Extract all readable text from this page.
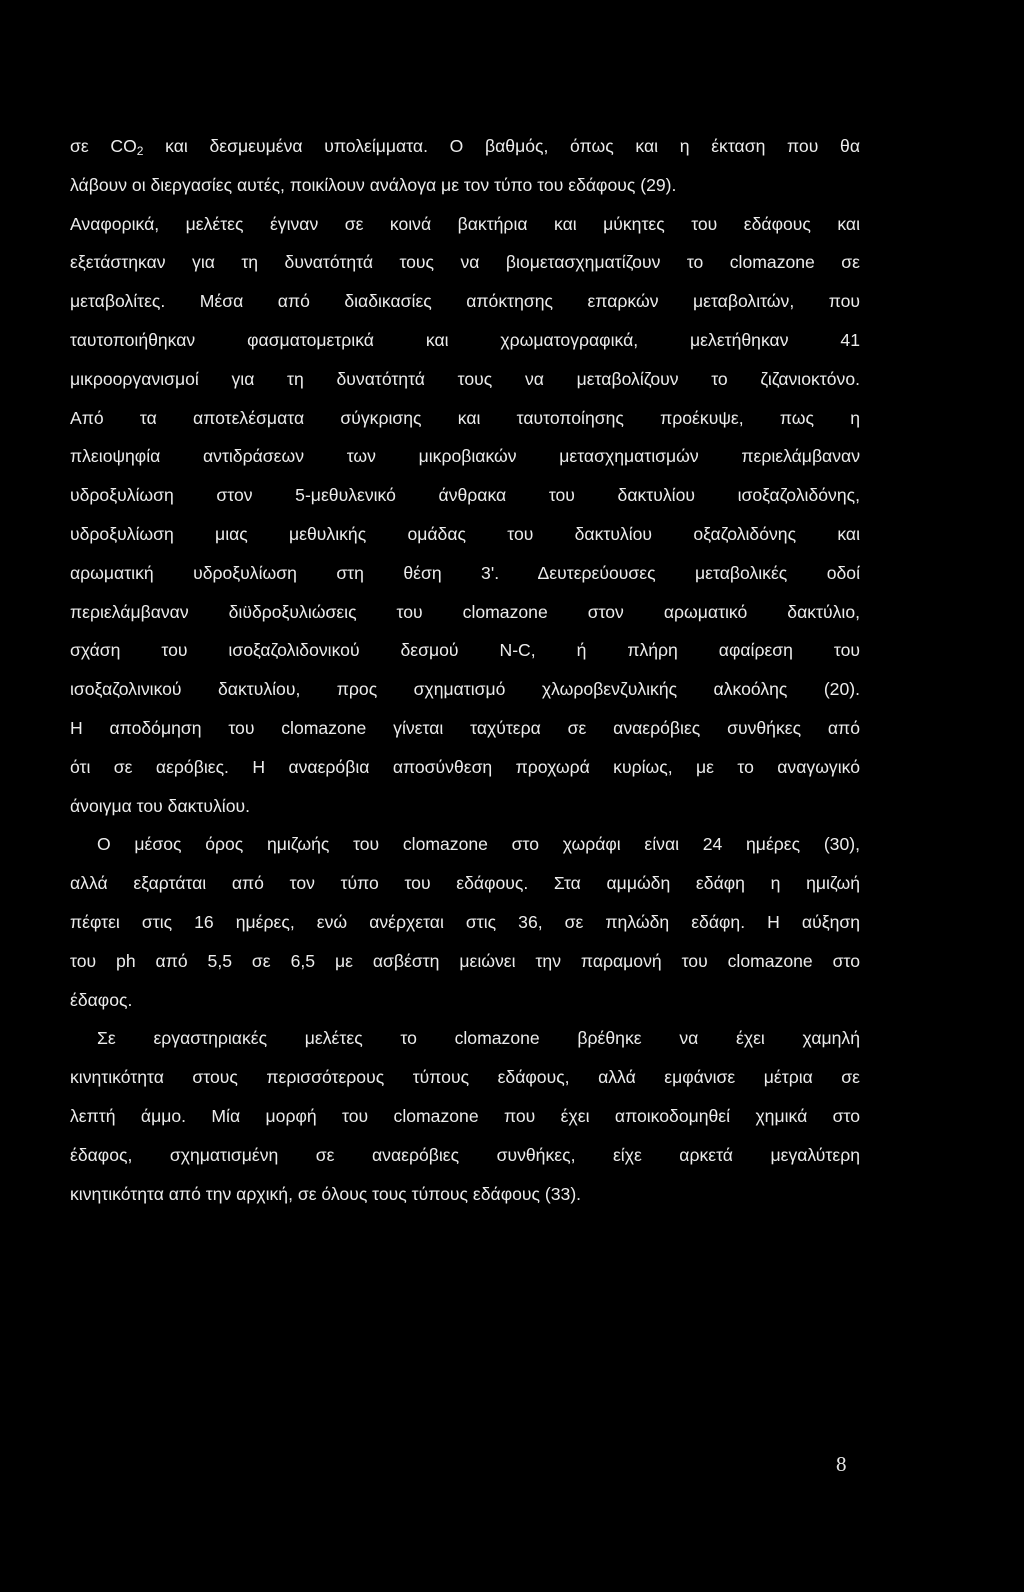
σε $CO_2$ και δεσμευμένα υπολείμματα. Ο βαθμός, όπως και η έκταση που θα
λάβουν οι διεργασίες αυτές, ποικίλουν ανάλογα με τον τύπο του εδάφους (29).
Αναφορικά, μελέτες έγιναν σε κοινά βακτήρια και μύκητες του εδάφους και
εξετάστηκαν για τη δυνατότητά τους να βιομετασχηματίζουν το clomazone σε
μεταβολίτες. Μέσα από διαδικασίες απόκτησης επαρκών μεταβολιτών, που
ταυτοποιήθηκαν φασματομετρικά και χρωματογραφικά, μελετήθηκαν 41
μικροοργανισμοί για τη δυνατότητά τους να μεταβολίζουν το ζιζανιοκτόνο.
Από τα αποτελέσματα σύγκρισης και ταυτοποίησης προέκυψε, πως η
πλειοψηφία αντιδράσεων των μικροβιακών μετασχηματισμών περιελάμβαναν
υδροξυλίωση στον 5-μεθυλενικό άνθρακα του δακτυλίου ισοξαζολιδόνης,
υδροξυλίωση μιας μεθυλικής ομάδας του δακτυλίου οξαζολιδόνης και
αρωματική υδροξυλίωση στη θέση 3'. Δευτερεύουσες μεταβολικές οδοί
περιελάμβαναν διϋδροξυλιώσεις του clomazone στον αρωματικό δακτύλιο,
σχάση του ισοξαζολιδονικού δεσμού Ν-C, ή πλήρη αφαίρεση του
ισοξαζολινικού δακτυλίου, προς σχηματισμό χλωροβενζυλικής αλκοόλης (20).
Η αποδόμηση του clomazone γίνεται ταχύτερα σε αναερόβιες συνθήκες από
ότι σε αερόβιες. Η αναερόβια αποσύνθεση προχωρά κυρίως, με το αναγωγικό
άνοιγμα του δακτυλίου.
Ο μέσος όρος ημιζωής του clomazone στο χωράφι είναι 24 ημέρες (30),
αλλά εξαρτάται από τον τύπο του εδάφους. Στα αμμώδη εδάφη η ημιζωή
πέφτει στις 16 ημέρες, ενώ ανέρχεται στις 36, σε πηλώδη εδάφη. Η αύξηση
του ph από 5,5 σε 6,5 με ασβέστη μειώνει την παραμονή του clomazone στο
έδαφος.
Σε εργαστηριακές μελέτες το clomazone βρέθηκε να έχει χαμηλή
κινητικότητα στους περισσότερους τύπους εδάφους, αλλά εμφάνισε μέτρια σε
λεπτή άμμο. Μία μορφή του clomazone που έχει αποικοδομηθεί χημικά στο
έδαφος, σχηματισμένη σε αναερόβιες συνθήκες, είχε αρκετά μεγαλύτερη
κινητικότητα από την αρχική, σε όλους τους τύπους εδάφους (33).
8
